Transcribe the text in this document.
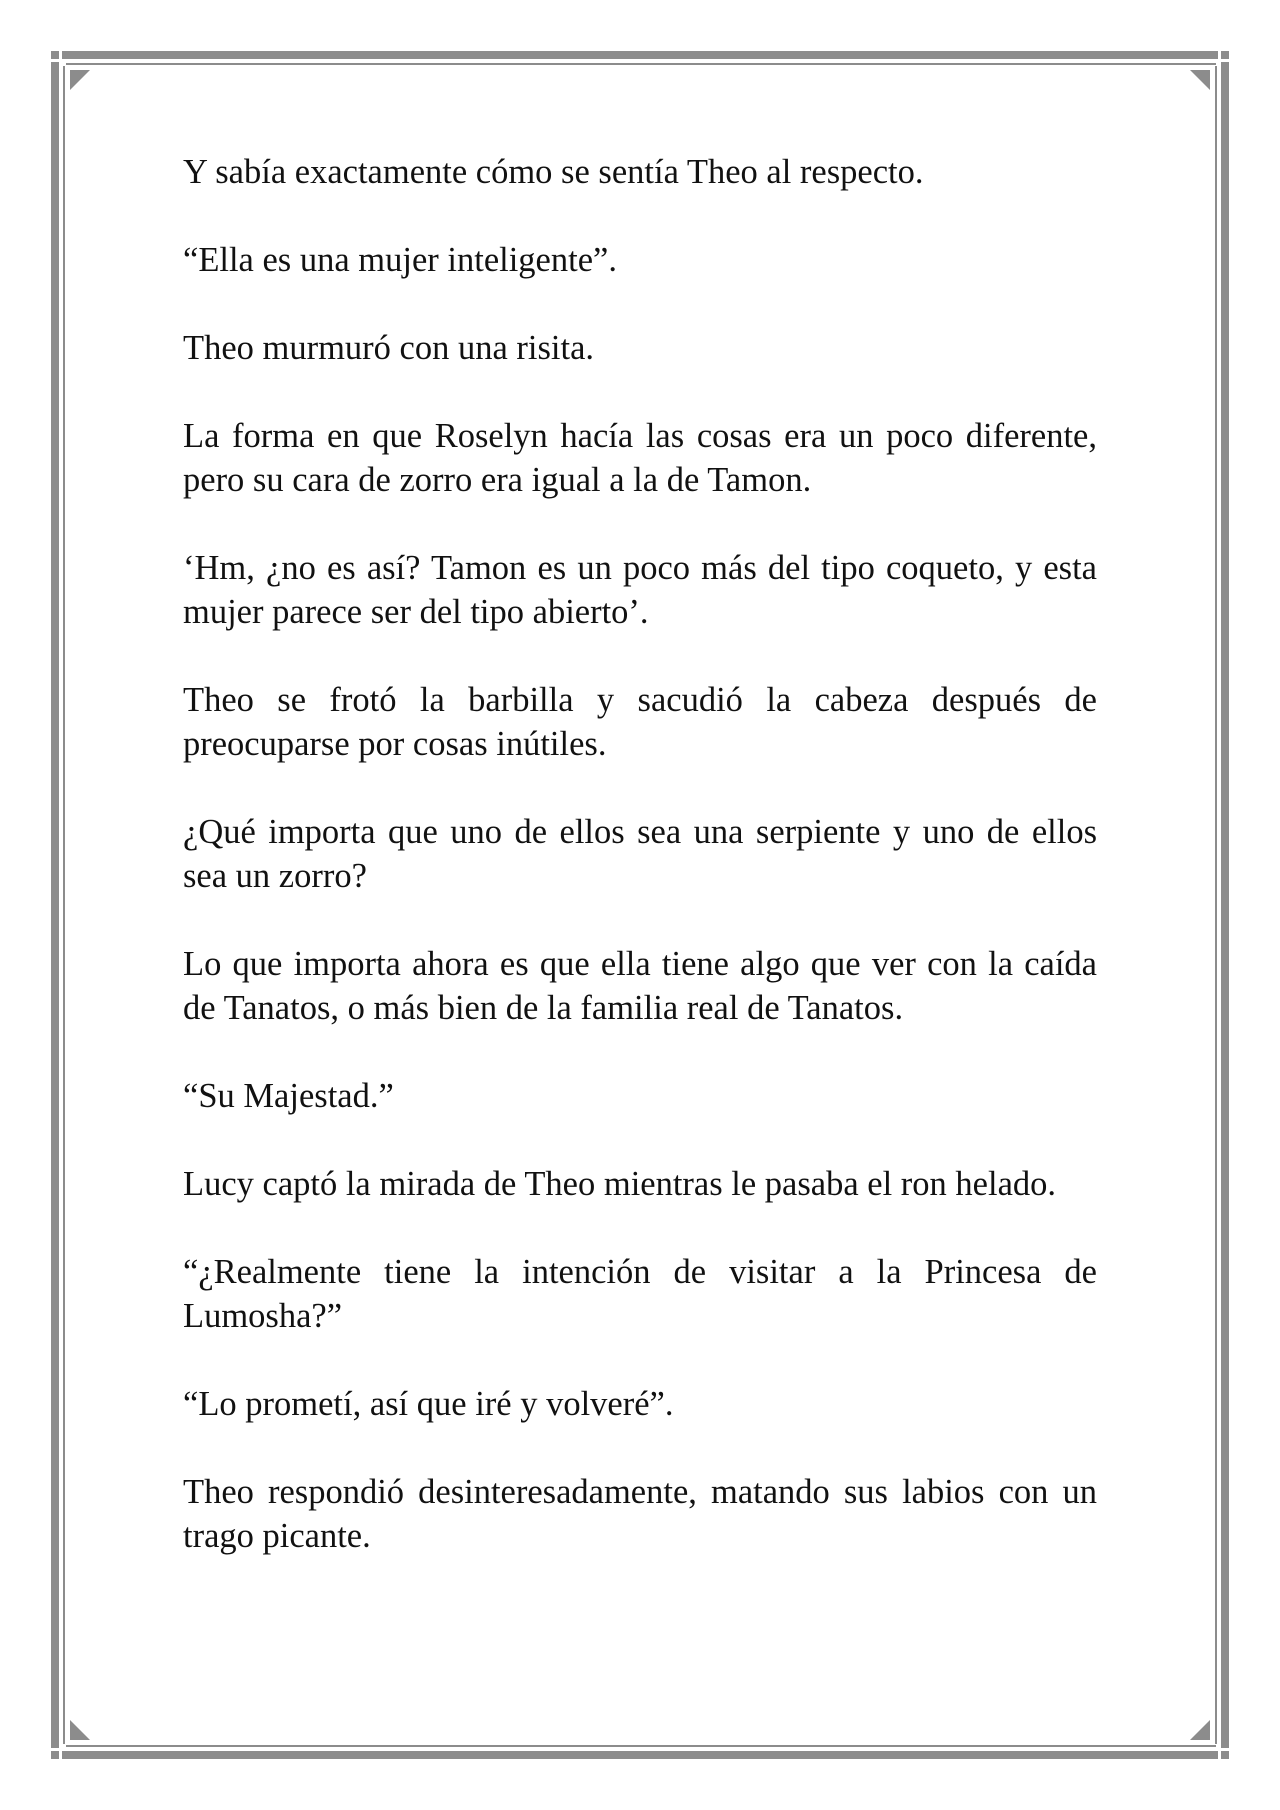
Y sabía exactamente cómo se sentía Theo al respecto.

“Ella es una mujer inteligente”.

Theo murmuró con una risita.

La forma en que Roselyn hacía las cosas era un poco diferente, pero su cara de zorro era igual a la de Tamon.

‘Hm, ¿no es así? Tamon es un poco más del tipo coqueto, y esta mujer parece ser del tipo abierto’.

Theo se frotó la barbilla y sacudió la cabeza después de preocuparse por cosas inútiles.

¿Qué importa que uno de ellos sea una serpiente y uno de ellos sea un zorro?

Lo que importa ahora es que ella tiene algo que ver con la caída de Tanatos, o más bien de la familia real de Tanatos.

“Su Majestad.”

Lucy captó la mirada de Theo mientras le pasaba el ron helado.

“¿Realmente tiene la intención de visitar a la Princesa de Lumosha?”

“Lo prometí, así que iré y volveré”.

Theo respondió desinteresadamente, matando sus labios con un trago picante.
